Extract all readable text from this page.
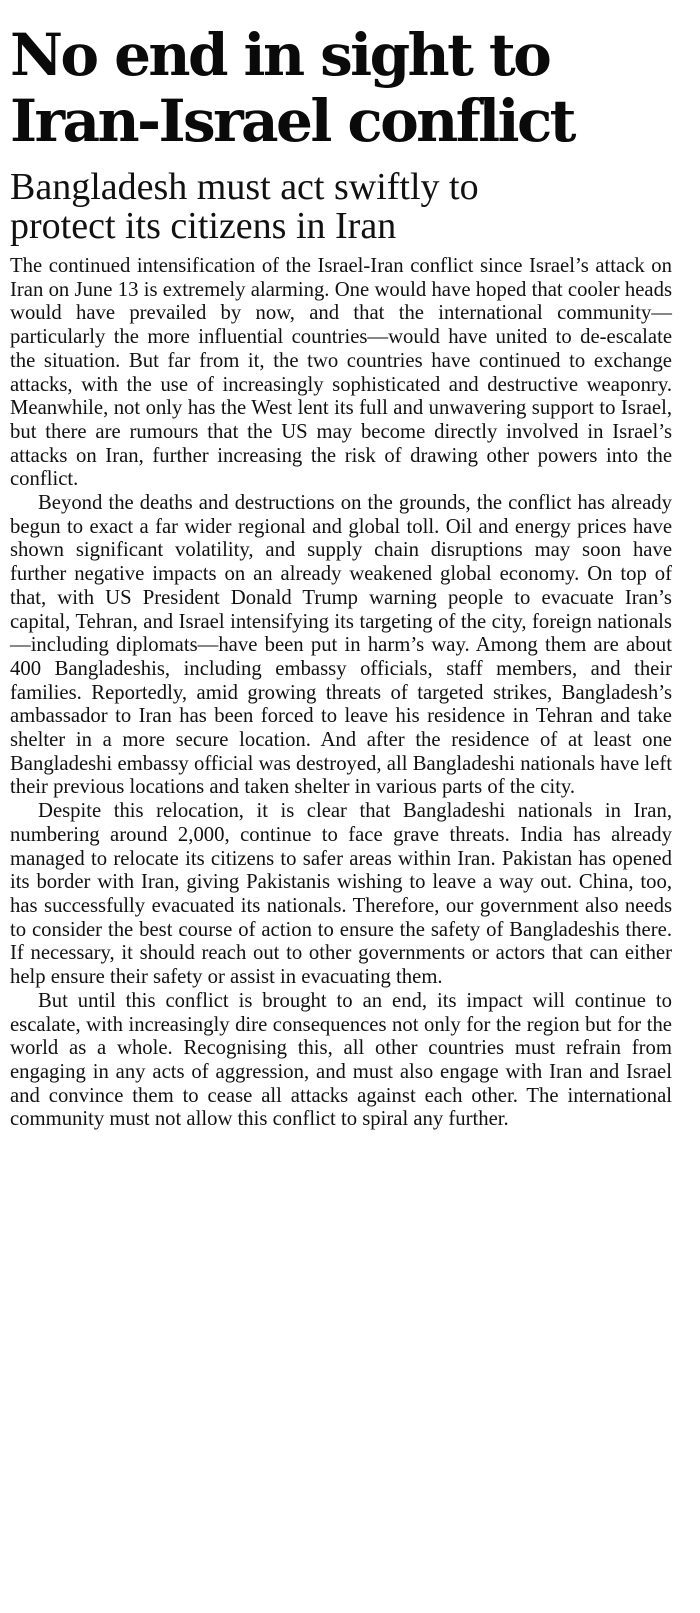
No end in sight to
Iran-Israel conflict
Bangladesh must act swiftly to
protect its citizens in Iran

The continued intensification of the Israel-Iran conflict since Israel’s attack on Iran on June 13 is extremely alarming. One would have hoped that cooler heads would have prevailed by now, and that the international community—particularly the more influential countries—would have united to de-escalate the situation. But far from it, the two countries have continued to exchange attacks, with the use of increasingly sophisticated and destructive weaponry. Meanwhile, not only has the West lent its full and unwavering support to Israel, but there are rumours that the US may become directly involved in Israel’s attacks on Iran, further increasing the risk of drawing other powers into the conflict.

Beyond the deaths and destructions on the grounds, the conflict has already begun to exact a far wider regional and global toll. Oil and energy prices have shown significant volatility, and supply chain disruptions may soon have further negative impacts on an already weakened global economy. On top of that, with US President Donald Trump warning people to evacuate Iran’s capital, Tehran, and Israel intensifying its targeting of the city, foreign nationals—including diplomats—have been put in harm’s way. Among them are about 400 Bangladeshis, including embassy officials, staff members, and their families. Reportedly, amid growing threats of targeted strikes, Bangladesh’s ambassador to Iran has been forced to leave his residence in Tehran and take shelter in a more secure location. And after the residence of at least one Bangladeshi embassy official was destroyed, all Bangladeshi nationals have left their previous locations and taken shelter in various parts of the city.

Despite this relocation, it is clear that Bangladeshi nationals in Iran, numbering around 2,000, continue to face grave threats. India has already managed to relocate its citizens to safer areas within Iran. Pakistan has opened its border with Iran, giving Pakistanis wishing to leave a way out. China, too, has successfully evacuated its nationals. Therefore, our government also needs to consider the best course of action to ensure the safety of Bangladeshis there. If necessary, it should reach out to other governments or actors that can either help ensure their safety or assist in evacuating them.

But until this conflict is brought to an end, its impact will continue to escalate, with increasingly dire consequences not only for the region but for the world as a whole. Recognising this, all other countries must refrain from engaging in any acts of aggression, and must also engage with Iran and Israel and convince them to cease all attacks against each other. The international community must not allow this conflict to spiral any further.
